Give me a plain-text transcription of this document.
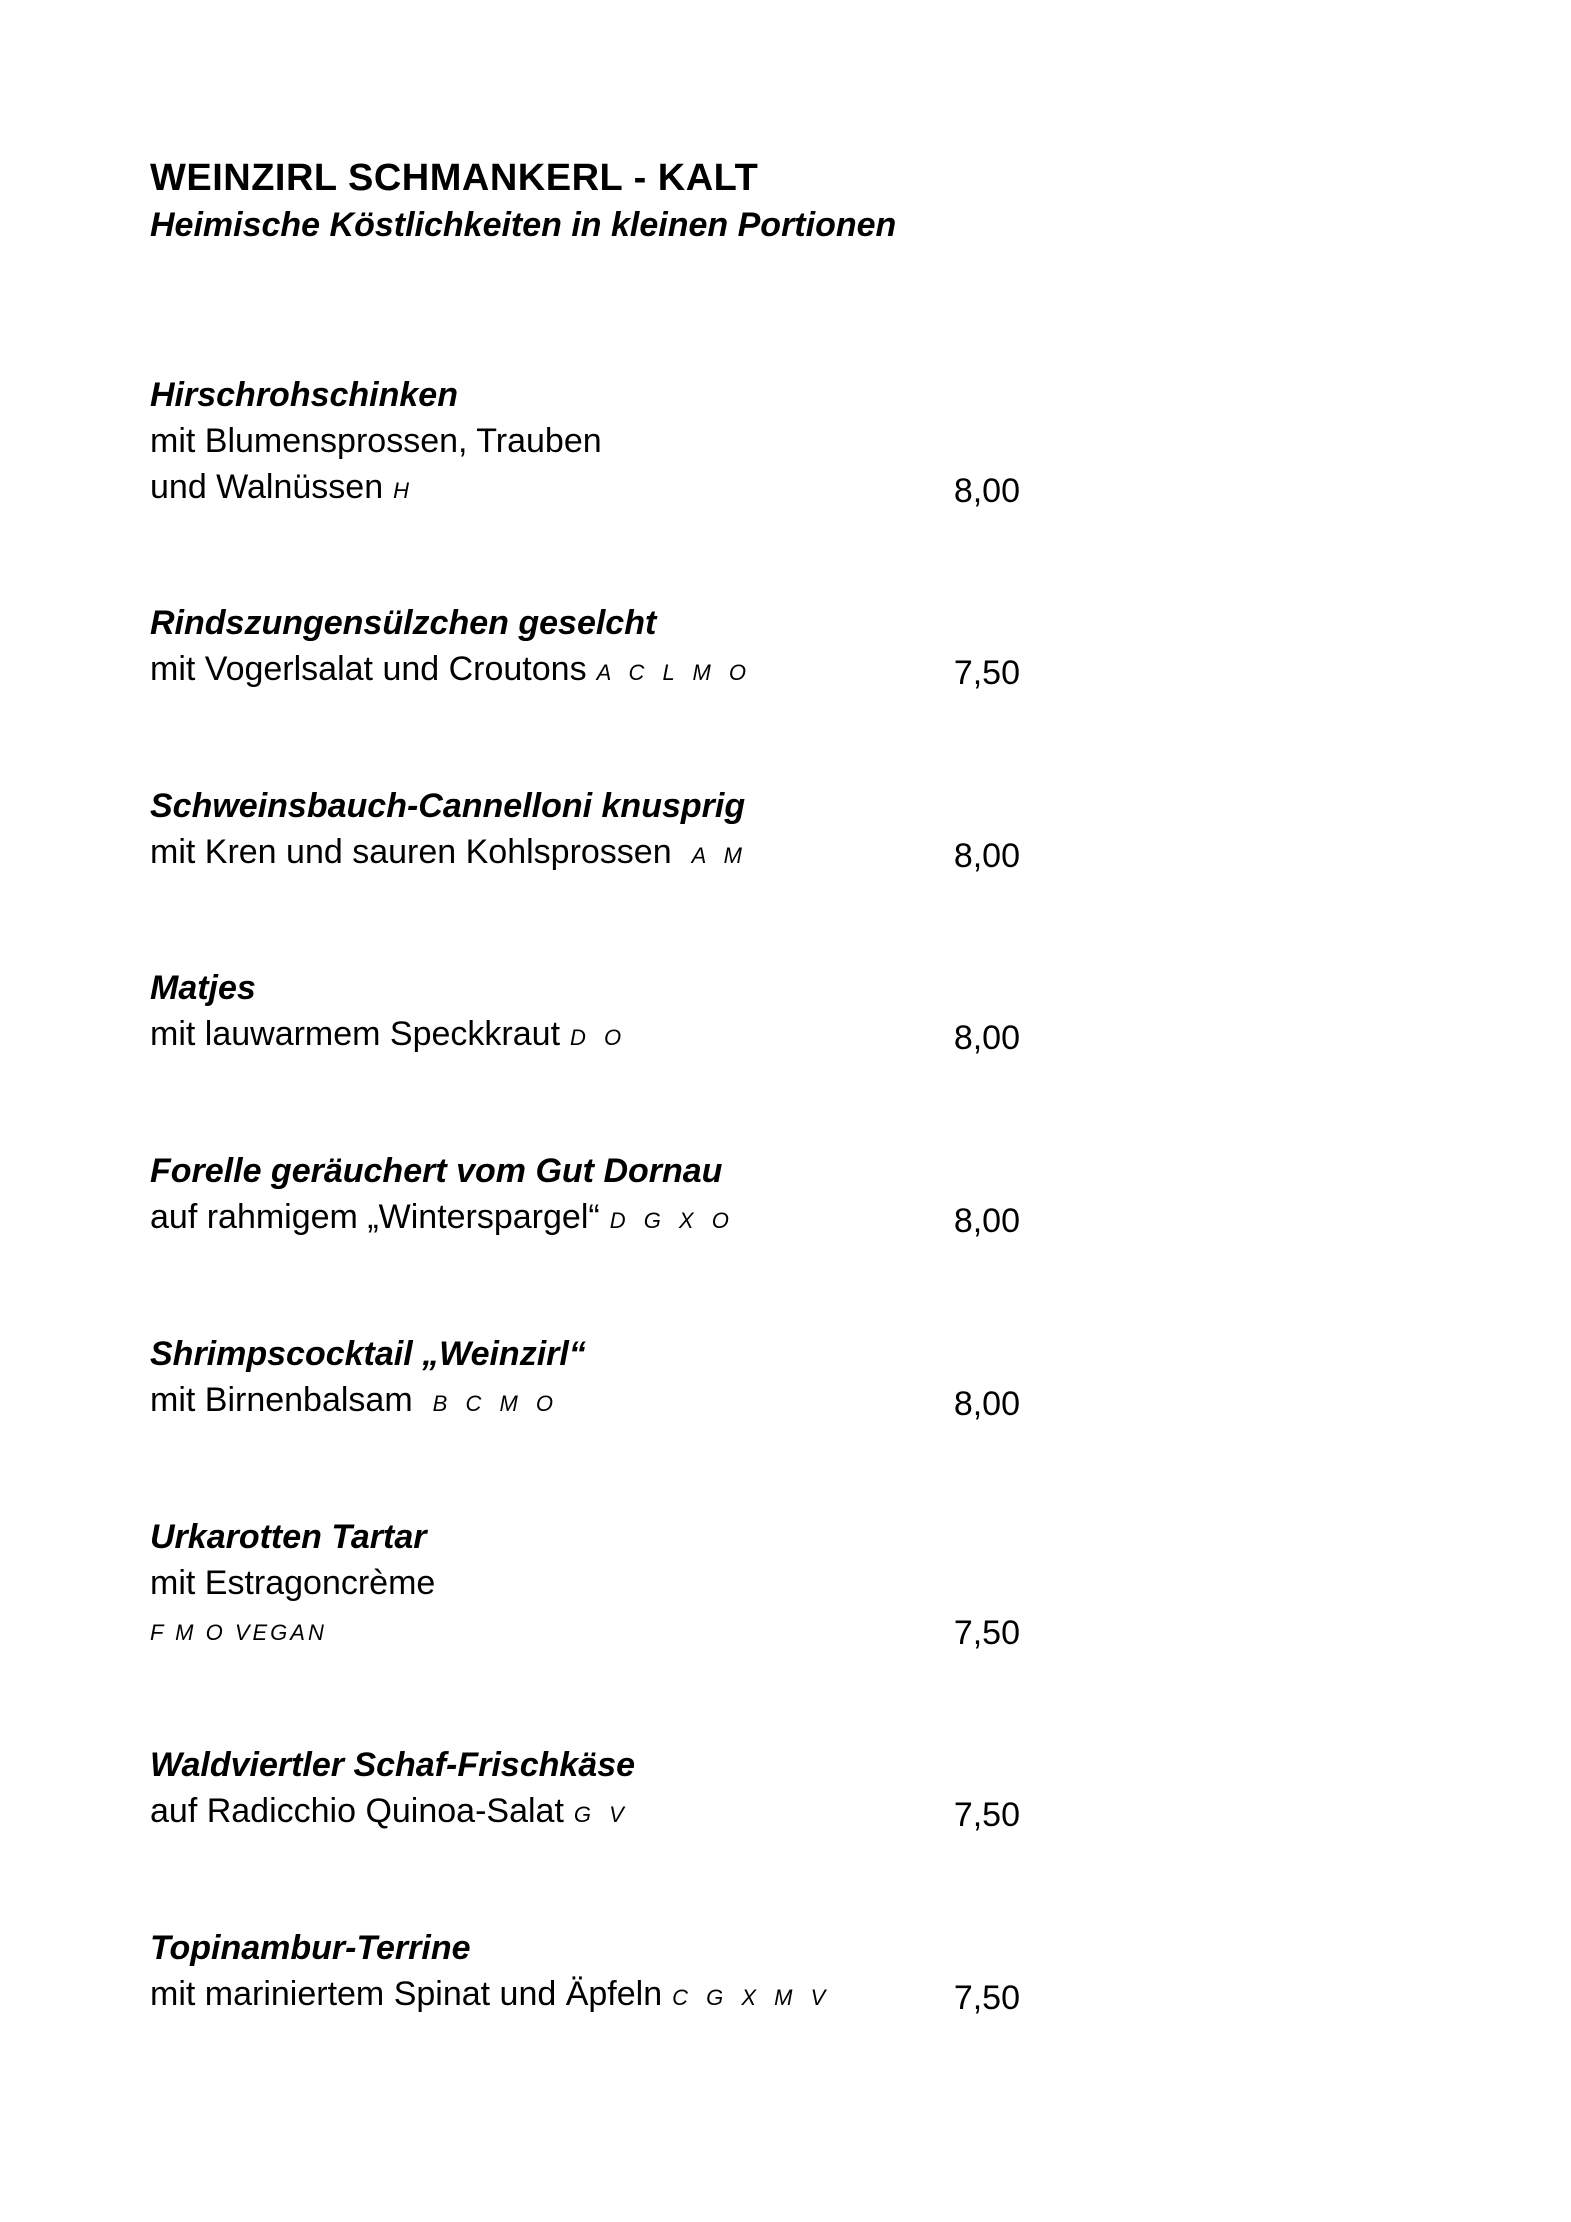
WEINZIRL SCHMANKERL - KALT
Heimische Köstlichkeiten in kleinen Portionen
Hirschrohschinken
mit Blumensprossen, Trauben
und Walnüssen H	8,00
Rindszungensülzchen geselcht
mit Vogerlsalat und Croutons A C L M O	7,50
Schweinsbauch-Cannelloni knusprig
mit Kren und sauren Kohlsprossen A M	8,00
Matjes
mit lauwarmem Speckkraut D O	8,00
Forelle geräuchert vom Gut Dornau
auf rahmigem „Winterspargel“ D G X O	8,00
Shrimpscocktail „Weinzirl“
mit Birnenbalsam B C M O	8,00
Urkarotten Tartar
mit Estragoncrème
F M O VEGAN	7,50
Waldviertler Schaf-Frischkäse
auf Radicchio Quinoa-Salat G V	7,50
Topinambur-Terrine
mit mariniertem Spinat und Äpfeln C G X M V	7,50
